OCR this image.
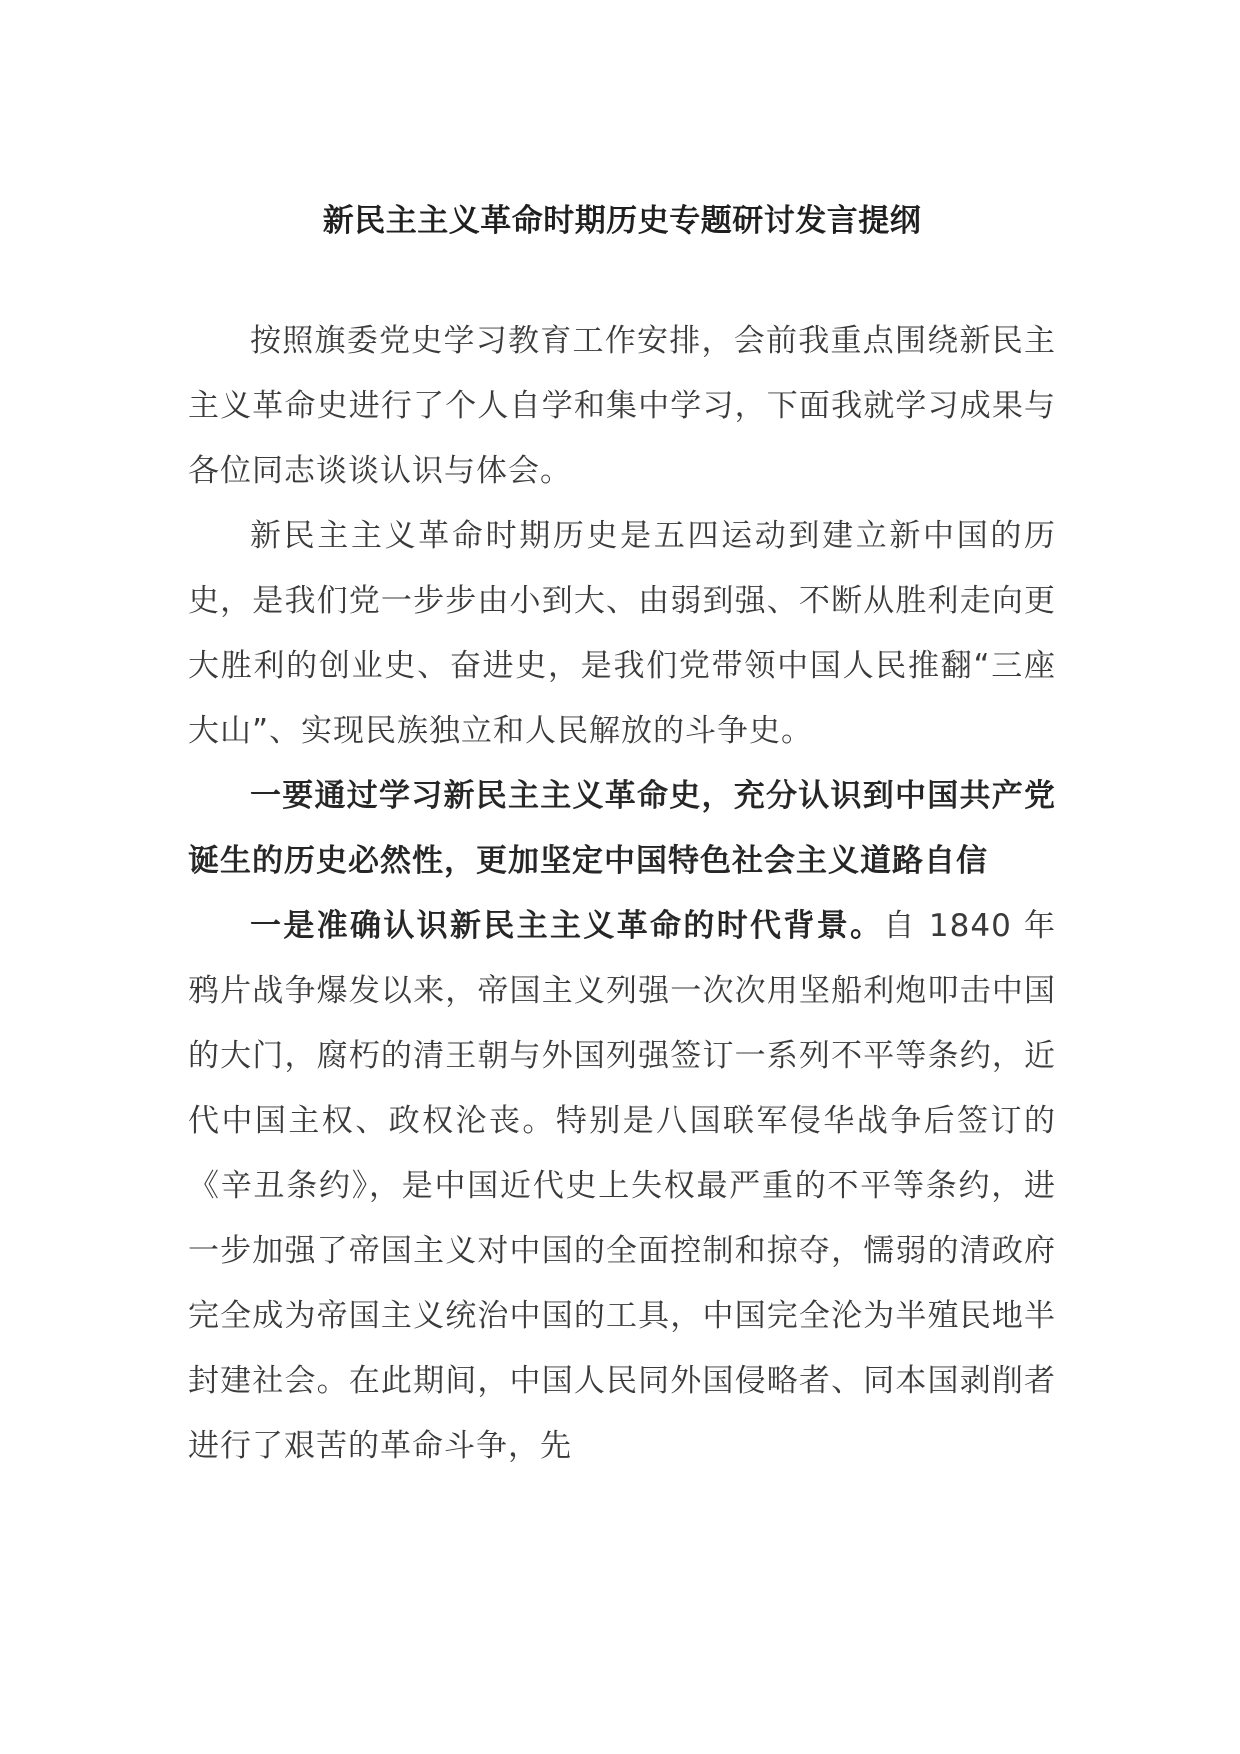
新民主主义革命时期历史专题研讨发言提纲

按照旗委党史学习教育工作安排，会前我重点围绕新民主主义革命史进行了个人自学和集中学习，下面我就学习成果与各位同志谈谈认识与体会。

新民主主义革命时期历史是五四运动到建立新中国的历史，是我们党一步步由小到大、由弱到强、不断从胜利走向更大胜利的创业史、奋进史，是我们党带领中国人民推翻“三座大山”、实现民族独立和人民解放的斗争史。

一要通过学习新民主主义革命史，充分认识到中国共产党诞生的历史必然性，更加坚定中国特色社会主义道路自信

一是准确认识新民主主义革命的时代背景。自 1840 年鸦片战争爆发以来，帝国主义列强一次次用坚船利炮叩击中国的大门，腐朽的清王朝与外国列强签订一系列不平等条约，近代中国主权、政权沦丧。特别是八国联军侵华战争后签订的《辛丑条约》，是中国近代史上失权最严重的不平等条约，进一步加强了帝国主义对中国的全面控制和掠夺，懦弱的清政府完全成为帝国主义统治中国的工具，中国完全沦为半殖民地半封建社会。在此期间，中国人民同外国侵略者、同本国剥削者进行了艰苦的革命斗争，先
